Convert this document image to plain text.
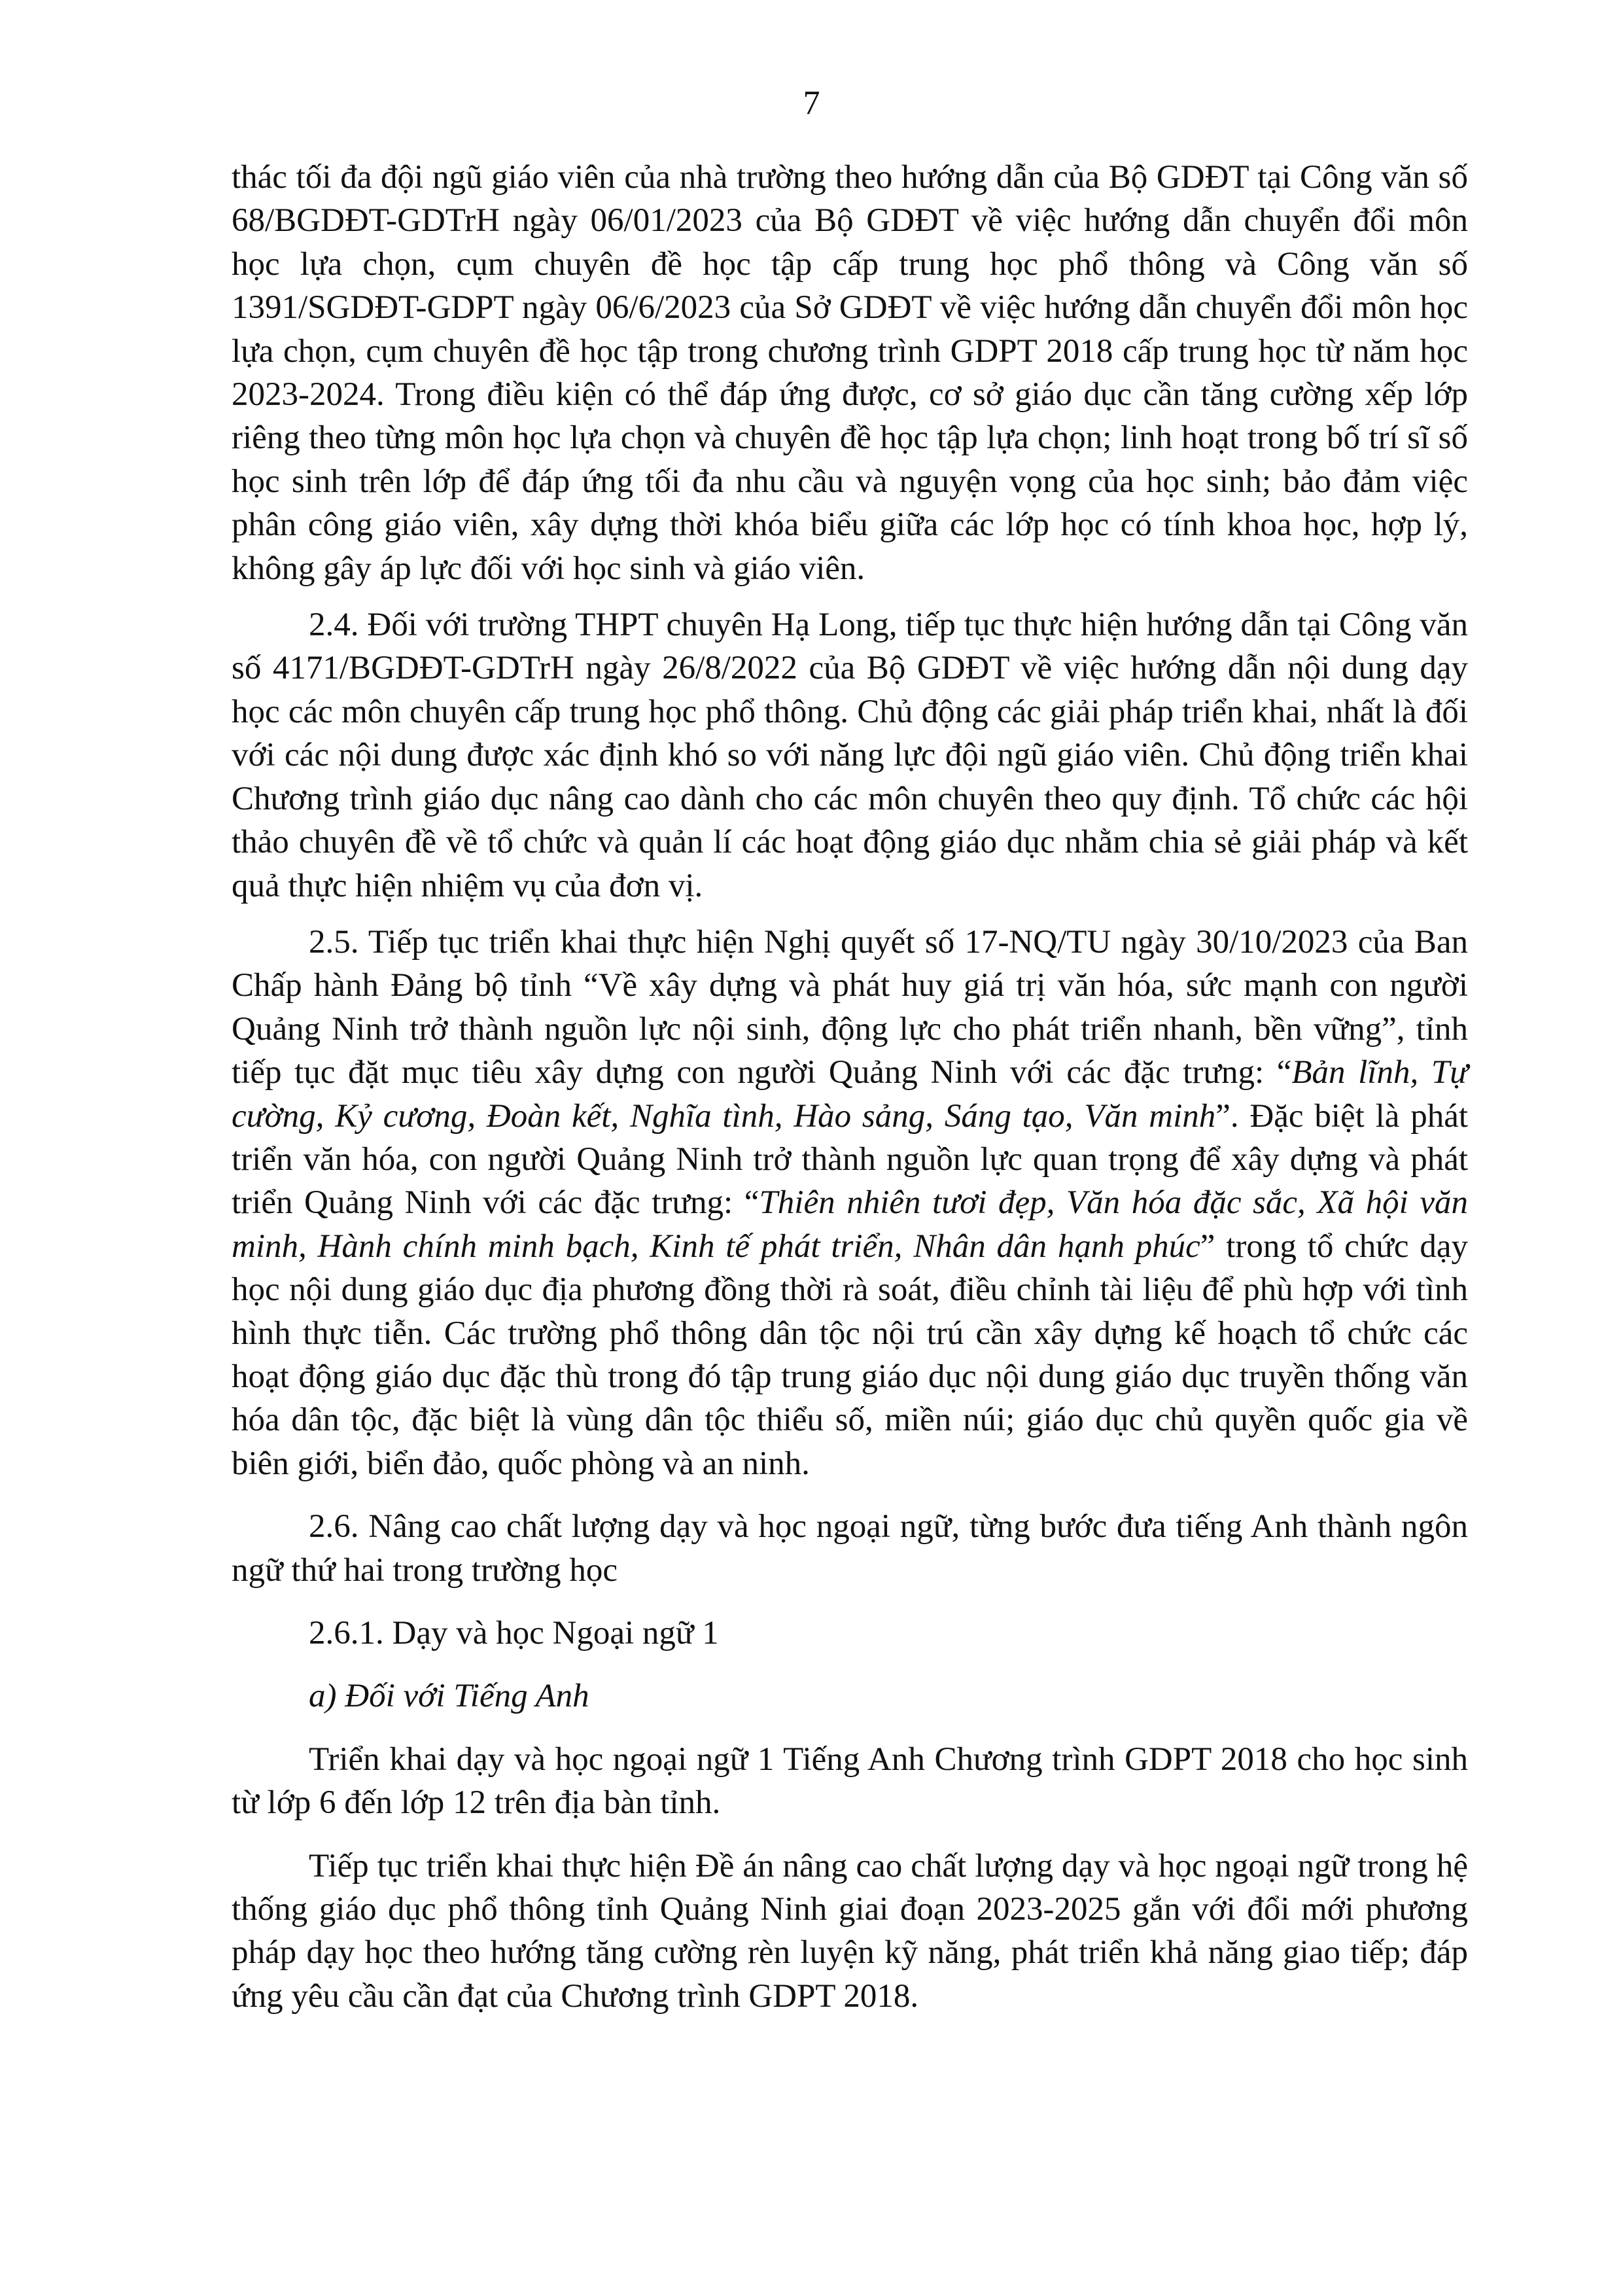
7

thác tối đa đội ngũ giáo viên của nhà trường theo hướng dẫn của Bộ GDĐT tại Công văn số 68/BGDĐT-GDTrH ngày 06/01/2023 của Bộ GDĐT về việc hướng dẫn chuyển đổi môn học lựa chọn, cụm chuyên đề học tập cấp trung học phổ thông và Công văn số 1391/SGDĐT-GDPT ngày 06/6/2023 của Sở GDĐT về việc hướng dẫn chuyển đổi môn học lựa chọn, cụm chuyên đề học tập trong chương trình GDPT 2018 cấp trung học từ năm học 2023-2024. Trong điều kiện có thể đáp ứng được, cơ sở giáo dục cần tăng cường xếp lớp riêng theo từng môn học lựa chọn và chuyên đề học tập lựa chọn; linh hoạt trong bố trí sĩ số học sinh trên lớp để đáp ứng tối đa nhu cầu và nguyện vọng của học sinh; bảo đảm việc phân công giáo viên, xây dựng thời khóa biểu giữa các lớp học có tính khoa học, hợp lý, không gây áp lực đối với học sinh và giáo viên.

2.4. Đối với trường THPT chuyên Hạ Long, tiếp tục thực hiện hướng dẫn tại Công văn số 4171/BGDĐT-GDTrH ngày 26/8/2022 của Bộ GDĐT về việc hướng dẫn nội dung dạy học các môn chuyên cấp trung học phổ thông. Chủ động các giải pháp triển khai, nhất là đối với các nội dung được xác định khó so với năng lực đội ngũ giáo viên. Chủ động triển khai Chương trình giáo dục nâng cao dành cho các môn chuyên theo quy định. Tổ chức các hội thảo chuyên đề về tổ chức và quản lí các hoạt động giáo dục nhằm chia sẻ giải pháp và kết quả thực hiện nhiệm vụ của đơn vị.

2.5. Tiếp tục triển khai thực hiện Nghị quyết số 17-NQ/TU ngày 30/10/2023 của Ban Chấp hành Đảng bộ tỉnh “Về xây dựng và phát huy giá trị văn hóa, sức mạnh con người Quảng Ninh trở thành nguồn lực nội sinh, động lực cho phát triển nhanh, bền vững”, tỉnh tiếp tục đặt mục tiêu xây dựng con người Quảng Ninh với các đặc trưng: “Bản lĩnh, Tự cường, Kỷ cương, Đoàn kết, Nghĩa tình, Hào sảng, Sáng tạo, Văn minh”. Đặc biệt là phát triển văn hóa, con người Quảng Ninh trở thành nguồn lực quan trọng để xây dựng và phát triển Quảng Ninh với các đặc trưng: “Thiên nhiên tươi đẹp, Văn hóa đặc sắc, Xã hội văn minh, Hành chính minh bạch, Kinh tế phát triển, Nhân dân hạnh phúc” trong tổ chức dạy học nội dung giáo dục địa phương đồng thời rà soát, điều chỉnh tài liệu để phù hợp với tình hình thực tiễn. Các trường phổ thông dân tộc nội trú cần xây dựng kế hoạch tổ chức các hoạt động giáo dục đặc thù trong đó tập trung giáo dục nội dung giáo dục truyền thống văn hóa dân tộc, đặc biệt là vùng dân tộc thiểu số, miền núi; giáo dục chủ quyền quốc gia về biên giới, biển đảo, quốc phòng và an ninh.

2.6. Nâng cao chất lượng dạy và học ngoại ngữ, từng bước đưa tiếng Anh thành ngôn ngữ thứ hai trong trường học

2.6.1. Dạy và học Ngoại ngữ 1

a) Đối với Tiếng Anh

Triển khai dạy và học ngoại ngữ 1 Tiếng Anh Chương trình GDPT 2018 cho học sinh từ lớp 6 đến lớp 12 trên địa bàn tỉnh.

Tiếp tục triển khai thực hiện Đề án nâng cao chất lượng dạy và học ngoại ngữ trong hệ thống giáo dục phổ thông tỉnh Quảng Ninh giai đoạn 2023-2025 gắn với đổi mới phương pháp dạy học theo hướng tăng cường rèn luyện kỹ năng, phát triển khả năng giao tiếp; đáp ứng yêu cầu cần đạt của Chương trình GDPT 2018.
